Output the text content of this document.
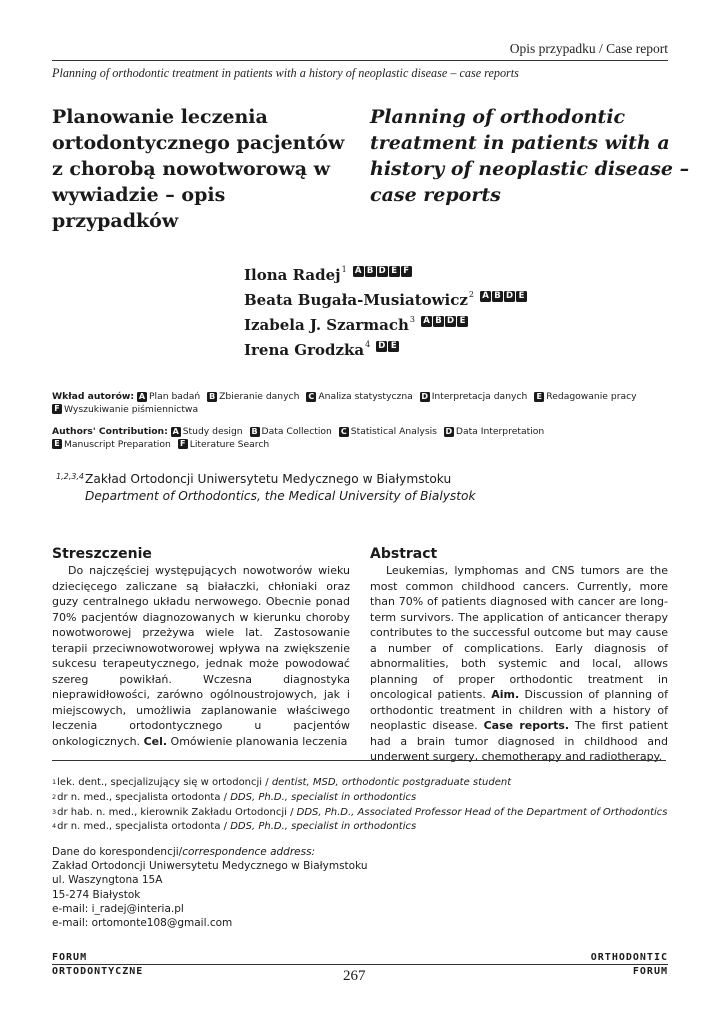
Opis przypadku / Case report
Planning of orthodontic treatment in patients with a history of neoplastic disease – case reports
Planowanie leczenia ortodontycznego pacjentów z chorobą nowotworową w wywiadzie – opis przypadków
Planning of orthodontic treatment in patients with a history of neoplastic disease – case reports
Ilona Radej 1 A B D E F
Beata Bugała-Musiatowicz 2 A B D E
Izabela J. Szarmach 3 A B D E
Irena Grodzka 4 D E
Wkład autorów: A Plan badań B Zbieranie danych C Analiza statystyczna D Interpretacja danych E Redagowanie pracy F Wyszukiwanie piśmiennictwa
Authors' Contribution: A Study design B Data Collection C Statistical Analysis D Data Interpretation E Manuscript Preparation F Literature Search
1,2,3,4 Zakład Ortodoncji Uniwersytetu Medycznego w Białymstoku
Department of Orthodontics, the Medical University of Bialystok
Streszczenie
Do najczęściej występujących nowotworów wieku dziecięcego zaliczane są białaczki, chłoniaki oraz guzy centralnego układu nerwowego. Obecnie ponad 70% pacjentów diagnozowanych w kierunku choroby nowotworowej przeżywa wiele lat. Zastosowanie terapii przeciwnowotworowej wpływa na zwiększenie sukcesu terapeutycznego, jednak może powodować szereg powikłań. Wczesna diagnostyka nieprawidłowości, zarówno ogólnoustrojowych, jak i miejscowych, umożliwia zaplanowanie właściwego leczenia ortodontycznego u pacjentów onkologicznych. Cel. Omówienie planowania leczenia
Abstract
Leukemias, lymphomas and CNS tumors are the most common childhood cancers. Currently, more than 70% of patients diagnosed with cancer are long-term survivors. The application of anticancer therapy contributes to the successful outcome but may cause a number of complications. Early diagnosis of abnormalities, both systemic and local, allows planning of proper orthodontic treatment in oncological patients. Aim. Discussion of planning of orthodontic treatment in children with a history of neoplastic disease. Case reports. The first patient had a brain tumor diagnosed in childhood and underwent surgery, chemotherapy and radiotherapy.
$^1$lek. dent., specjalizujący się w ortodoncji / dentist, MSD, orthodontic postgraduate student
$^2$dr n. med., specjalista ortodonta / DDS, Ph.D., specialist in orthodontics
$^3$dr hab. n. med., kierownik Zakładu Ortodoncji / DDS, Ph.D., Associated Professor Head of the Department of Orthodontics
$^4$dr n. med., specjalista ortodonta / DDS, Ph.D., specialist in orthodontics
Dane do korespondencji/correspondence address:
Zakład Ortodoncji Uniwersytetu Medycznego w Białymstoku
ul. Waszyngtona 15A
15-274 Białystok
e-mail: i_radej@interia.pl
e-mail: ortomonte108@gmail.com
FORUM
ORTODONTYCZNE
ORTHODONTIC
FORUM
267
